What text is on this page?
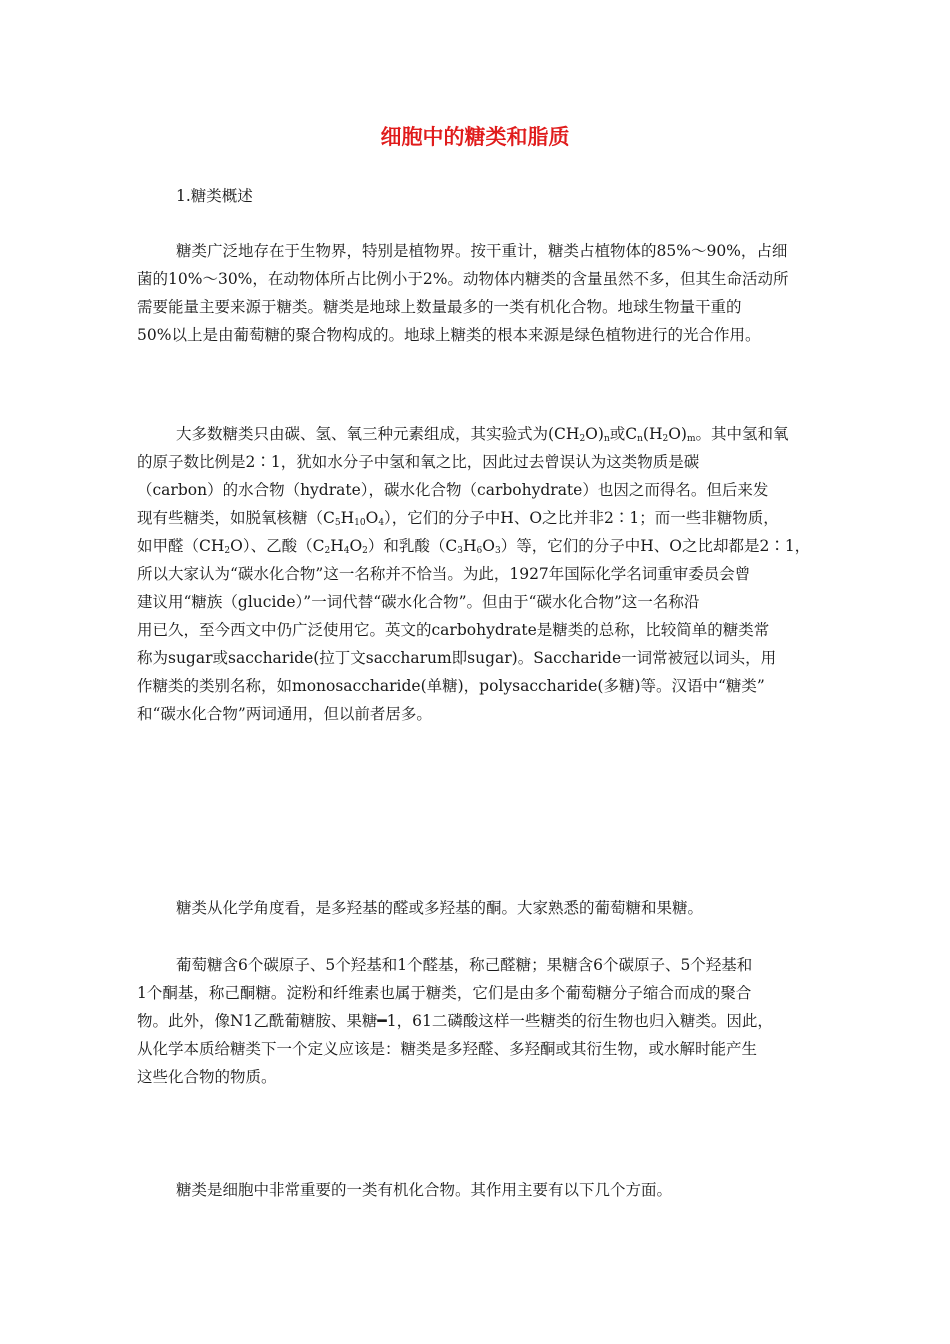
细胞中的糖类和脂质
1.糖类概述
糖类广泛地存在于生物界，特别是植物界。按干重计，糖类占植物体的85%～90%，占细
菌的10%～30%，在动物体所占比例小于2%。动物体内糖类的含量虽然不多，但其生命活动所
需要能量主要来源于糖类。糖类是地球上数量最多的一类有机化合物。地球生物量干重的
50%以上是由葡萄糖的聚合物构成的。地球上糖类的根本来源是绿色植物进行的光合作用。
大多数糖类只由碳、氢、氧三种元素组成，其实验式为$(CH_2O)_n$或$C_n(H_2O)_m$。其中氢和氧
的原子数比例是2∶1，犹如水分子中氢和氧之比，因此过去曾误认为这类物质是碳
（carbon）的水合物（hydrate），碳水化合物（carbohydrate）也因之而得名。但后来发
现有些糖类，如脱氧核糖$(C_5H_{10}O_4)$，它们的分子中H、O之比并非2∶1；而一些非糖物质，
如甲醛$(CH_2O)$、乙酸$(C_2H_4O_2)$和乳酸$(C_3H_6O_3)$等，它们的分子中H、O之比却都是2∶1，
所以大家认为“碳水化合物”这一名称并不恰当。为此，1927年国际化学名词重审委员会曾
建议用“糖族（glucide）”一词代替“碳水化合物”。但由于“碳水化合物”这一名称沿
用已久，至今西文中仍广泛使用它。英文的carbohydrate是糖类的总称，比较简单的糖类常
称为sugar或saccharide(拉丁文saccharum即sugar)。Saccharide一词常被冠以词头，用
作糖类的类别名称，如monosaccharide(单糖)，polysaccharide(多糖)等。汉语中“糖类”
和“碳水化合物”两词通用，但以前者居多。
糖类从化学角度看，是多羟基的醛或多羟基的酮。大家熟悉的葡萄糖和果糖。
葡萄糖含6个碳原子、5个羟基和1个醛基，称己醛糖；果糖含6个碳原子、5个羟基和
1个酮基，称己酮糖。淀粉和纤维素也属于糖类，它们是由多个葡萄糖分子缩合而成的聚合
物。此外，像N1乙酰葡糖胺、果糖━1，61二磷酸这样一些糖类的衍生物也归入糖类。因此，
从化学本质给糖类下一个定义应该是：糖类是多羟醛、多羟酮或其衍生物，或水解时能产生
这些化合物的物质。
糖类是细胞中非常重要的一类有机化合物。其作用主要有以下几个方面。
